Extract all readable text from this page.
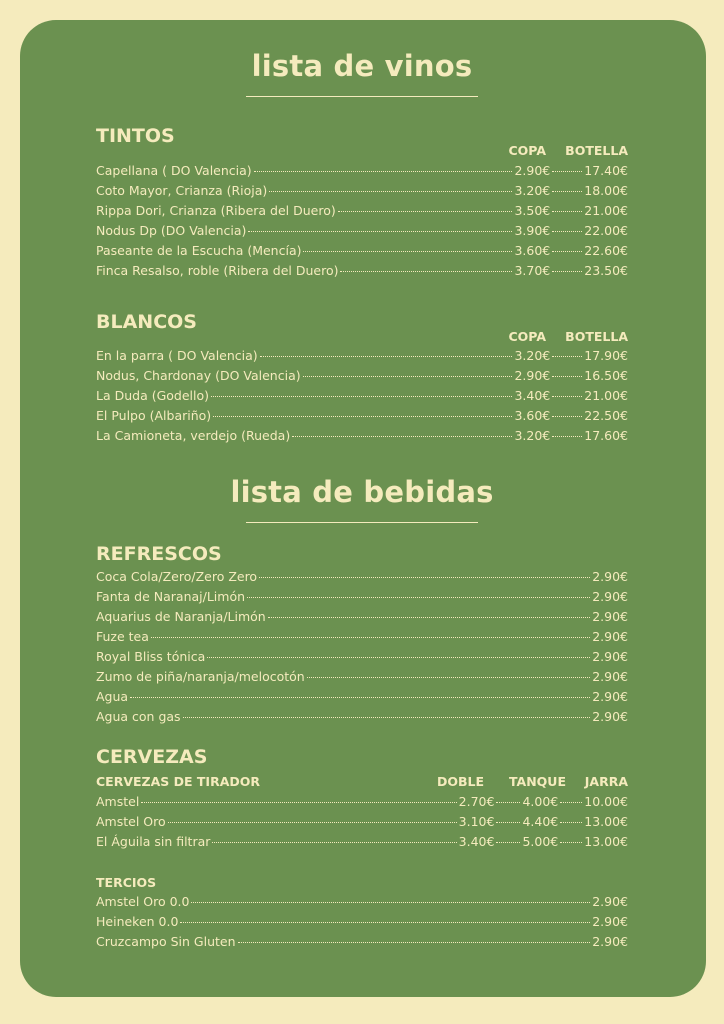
lista de vinos
TINTOS
COPA	BOTELLA
Capellana ( DO Valencia)	2.90€	17.40€
Coto Mayor, Crianza (Rioja)	3.20€	18.00€
Rippa Dori, Crianza (Ribera del Duero)	3.50€	21.00€
Nodus Dp (DO Valencia)	3.90€	22.00€
Paseante de la Escucha (Mencía)	3.60€	22.60€
Finca Resalso, roble (Ribera del Duero)	3.70€	23.50€
BLANCOS
COPA	BOTELLA
En la parra ( DO Valencia)	3.20€	17.90€
Nodus, Chardonay (DO Valencia)	2.90€	16.50€
La Duda (Godello)	3.40€	21.00€
El Pulpo (Albariño)	3.60€	22.50€
La Camioneta, verdejo (Rueda)	3.20€	17.60€
lista de bebidas
REFRESCOS
Coca Cola/Zero/Zero Zero	2.90€
Fanta de Naranaj/Limón	2.90€
Aquarius de Naranja/Limón	2.90€
Fuze tea	2.90€
Royal Bliss tónica	2.90€
Zumo de piña/naranja/melocotón	2.90€
Agua	2.90€
Agua con gas	2.90€
CERVEZAS
CERVEZAS DE TIRADOR	DOBLE	TANQUE	JARRA
Amstel	2.70€ 4.00€ 10.00€
Amstel Oro	3.10€ 4.40€ 13.00€
El Águila sin filtrar	3.40€ 5.00€ 13.00€
TERCIOS
Amstel Oro 0.0	2.90€
Heineken 0.0	2.90€
Cruzcampo Sin Gluten	2.90€
